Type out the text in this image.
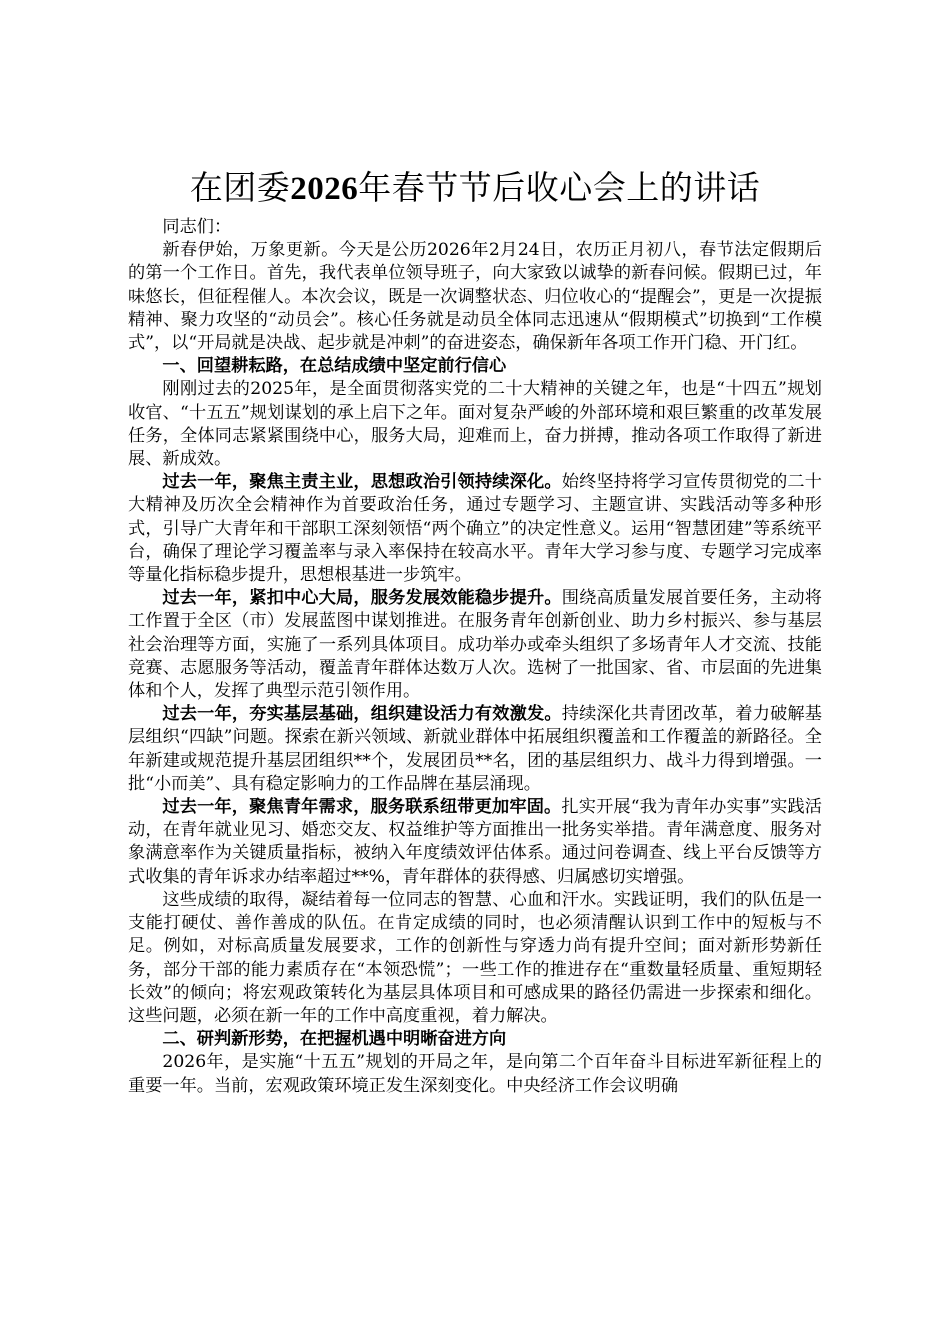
在团委2026年春节节后收心会上的讲话

同志们：

新春伊始，万象更新。今天是公历2026年2月24日，农历正月初八，春节法定假期后的第一个工作日。首先，我代表单位领导班子，向大家致以诚挚的新春问候。假期已过，年味悠长，但征程催人。本次会议，既是一次调整状态、归位收心的“提醒会”，更是一次提振精神、聚力攻坚的“动员会”。核心任务就是动员全体同志迅速从“假期模式”切换到“工作模式”，以“开局就是决战、起步就是冲刺”的奋进姿态，确保新年各项工作开门稳、开门红。

一、回望耕耘路，在总结成绩中坚定前行信心

刚刚过去的2025年，是全面贯彻落实党的二十大精神的关键之年，也是“十四五”规划收官、“十五五”规划谋划的承上启下之年。面对复杂严峻的外部环境和艰巨繁重的改革发展任务，全体同志紧紧围绕中心，服务大局，迎难而上，奋力拼搏，推动各项工作取得了新进展、新成效。

过去一年，聚焦主责主业，思想政治引领持续深化。始终坚持将学习宣传贯彻党的二十大精神及历次全会精神作为首要政治任务，通过专题学习、主题宣讲、实践活动等多种形式，引导广大青年和干部职工深刻领悟“两个确立”的决定性意义。运用“智慧团建”等系统平台，确保了理论学习覆盖率与录入率保持在较高水平。青年大学习参与度、专题学习完成率等量化指标稳步提升，思想根基进一步筑牢。

过去一年，紧扣中心大局，服务发展效能稳步提升。围绕高质量发展首要任务，主动将工作置于全区（市）发展蓝图中谋划推进。在服务青年创新创业、助力乡村振兴、参与基层社会治理等方面，实施了一系列具体项目。成功举办或牵头组织了多场青年人才交流、技能竞赛、志愿服务等活动，覆盖青年群体达数万人次。选树了一批国家、省、市层面的先进集体和个人，发挥了典型示范引领作用。

过去一年，夯实基层基础，组织建设活力有效激发。持续深化共青团改革，着力破解基层组织“四缺”问题。探索在新兴领域、新就业群体中拓展组织覆盖和工作覆盖的新路径。全年新建或规范提升基层团组织**个，发展团员**名，团的基层组织力、战斗力得到增强。一批“小而美”、具有稳定影响力的工作品牌在基层涌现。

过去一年，聚焦青年需求，服务联系纽带更加牢固。扎实开展“我为青年办实事”实践活动，在青年就业见习、婚恋交友、权益维护等方面推出一批务实举措。青年满意度、服务对象满意率作为关键质量指标，被纳入年度绩效评估体系。通过问卷调查、线上平台反馈等方式收集的青年诉求办结率超过**%，青年群体的获得感、归属感切实增强。

这些成绩的取得，凝结着每一位同志的智慧、心血和汗水。实践证明，我们的队伍是一支能打硬仗、善作善成的队伍。在肯定成绩的同时，也必须清醒认识到工作中的短板与不足。例如，对标高质量发展要求，工作的创新性与穿透力尚有提升空间；面对新形势新任务，部分干部的能力素质存在“本领恐慌”；一些工作的推进存在“重数量轻质量、重短期轻长效”的倾向；将宏观政策转化为基层具体项目和可感成果的路径仍需进一步探索和细化。这些问题，必须在新一年的工作中高度重视，着力解决。

二、研判新形势，在把握机遇中明晰奋进方向

2026年，是实施“十五五”规划的开局之年，是向第二个百年奋斗目标进军新征程上的重要一年。当前，宏观政策环境正发生深刻变化。中央经济工作会议明确
